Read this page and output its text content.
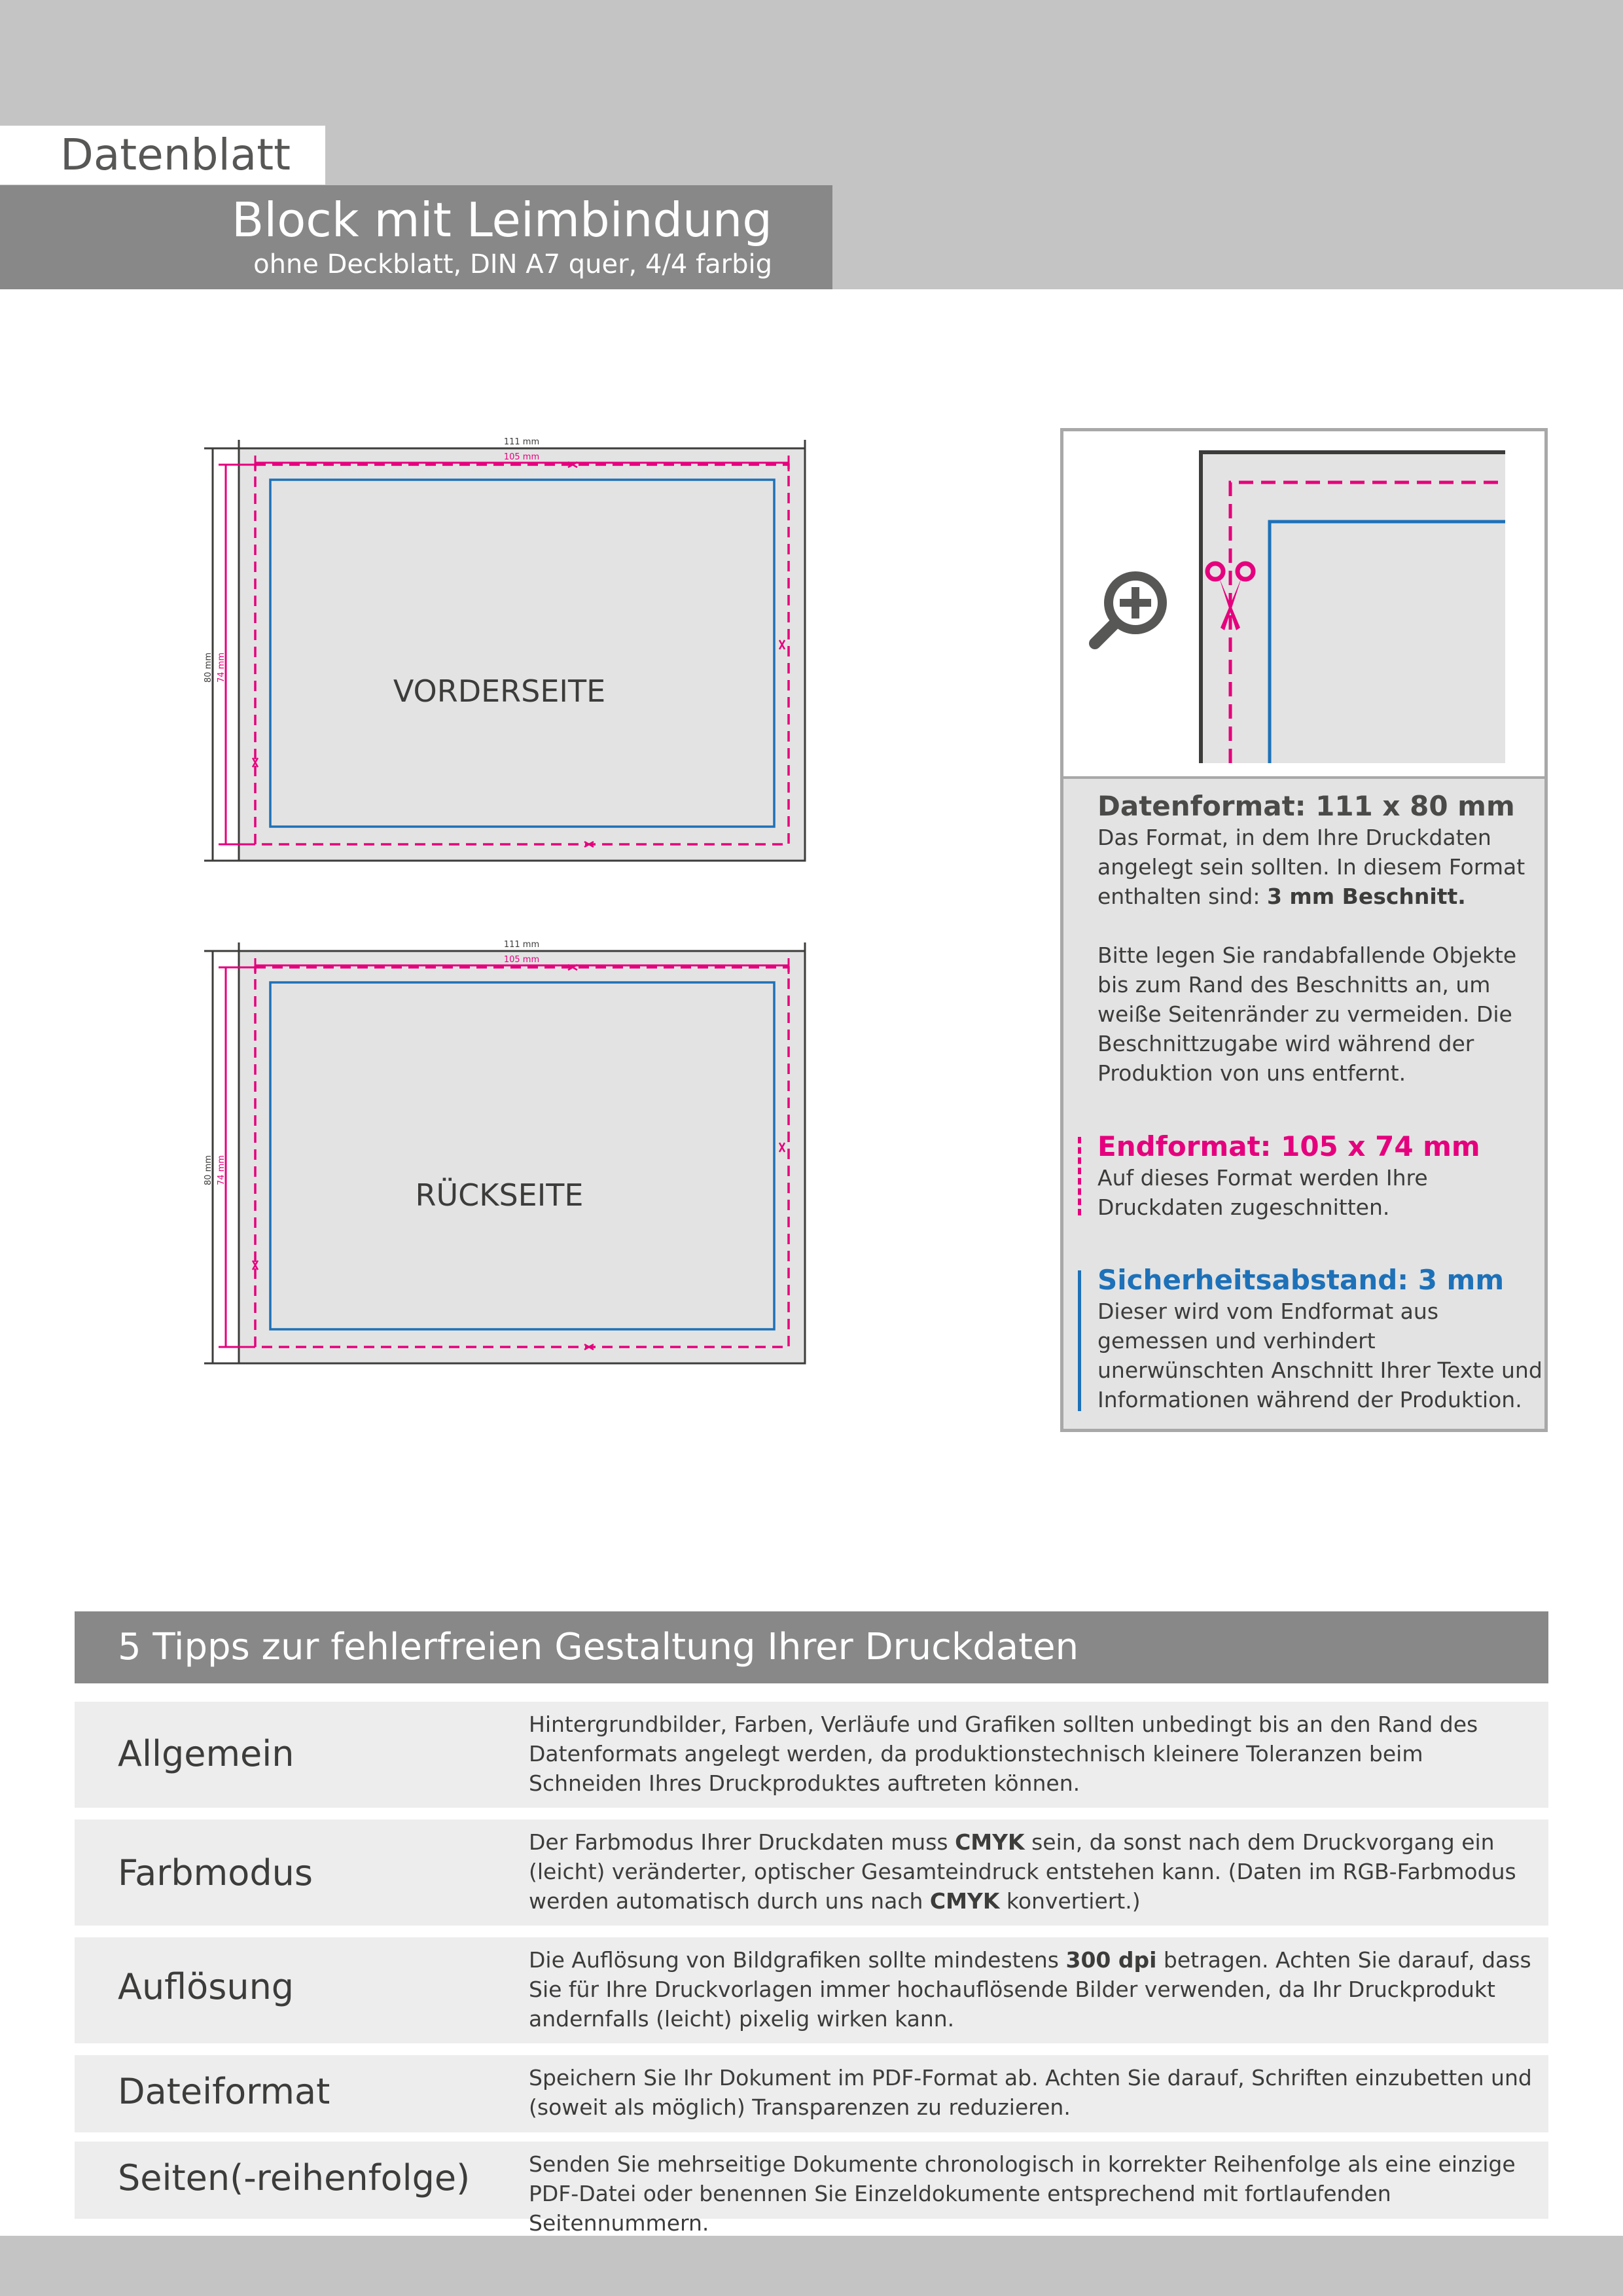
Datenblatt
Block mit Leimbindung
ohne Deckblatt, DIN A7 quer, 4/4 farbig
111 mm
105 mm
80 mm 74 mm
VORDERSEITE
111 mm
105 mm
80 mm 74 mm
RÜCKSEITE
Datenformat: 111 x 80 mm

Das Format, in dem Ihre Druckdaten angelegt sein sollten. In diesem Format enthalten sind: 3 mm Beschnitt.

Bitte legen Sie randabfallende Objekte bis zum Rand des Beschnitts an, um weiße Seitenränder zu vermeiden. Die Beschnittzugabe wird während der Produktion von uns entfernt.

Endformat: 105 x 74 mm

Auf dieses Format werden Ihre Druckdaten zugeschnitten.

Sicherheitsabstand: 3 mm

Dieser wird vom Endformat aus gemessen und verhindert unerwünschten Anschnitt Ihrer Texte und Informationen während der Produktion.

5 Tipps zur fehlerfreien Gestaltung Ihrer Druckdaten
Allgemein
Hintergrundbilder, Farben, Verläufe und Grafiken sollten unbedingt bis an den Rand des Datenformats angelegt werden, da produktionstechnisch kleinere Toleranzen beim Schneiden Ihres Druckproduktes auftreten können.
Farbmodus
Der Farbmodus Ihrer Druckdaten muss CMYK sein, da sonst nach dem Druckvorgang ein (leicht) veränderter, optischer Gesamteindruck entstehen kann. (Daten im RGB-Farbmodus werden automatisch durch uns nach CMYK konvertiert.)
Auflösung
Die Auflösung von Bildgrafiken sollte mindestens 300 dpi betragen. Achten Sie darauf, dass Sie für Ihre Druckvorlagen immer hochauflösende Bilder verwenden, da Ihr Druckprodukt andernfalls (leicht) pixelig wirken kann.
Dateiformat	Speichern Sie Ihr Dokument im PDF-Format ab. Achten Sie darauf, Schriften einzubetten und (soweit als möglich) Transparenzen zu reduzieren.
Seiten(-reihenfolge)	Senden Sie mehrseitige Dokumente chronologisch in korrekter Reihenfolge als eine einzige PDF-Datei oder benennen Sie Einzeldokumente entsprechend mit fortlaufenden Seitennummern.
